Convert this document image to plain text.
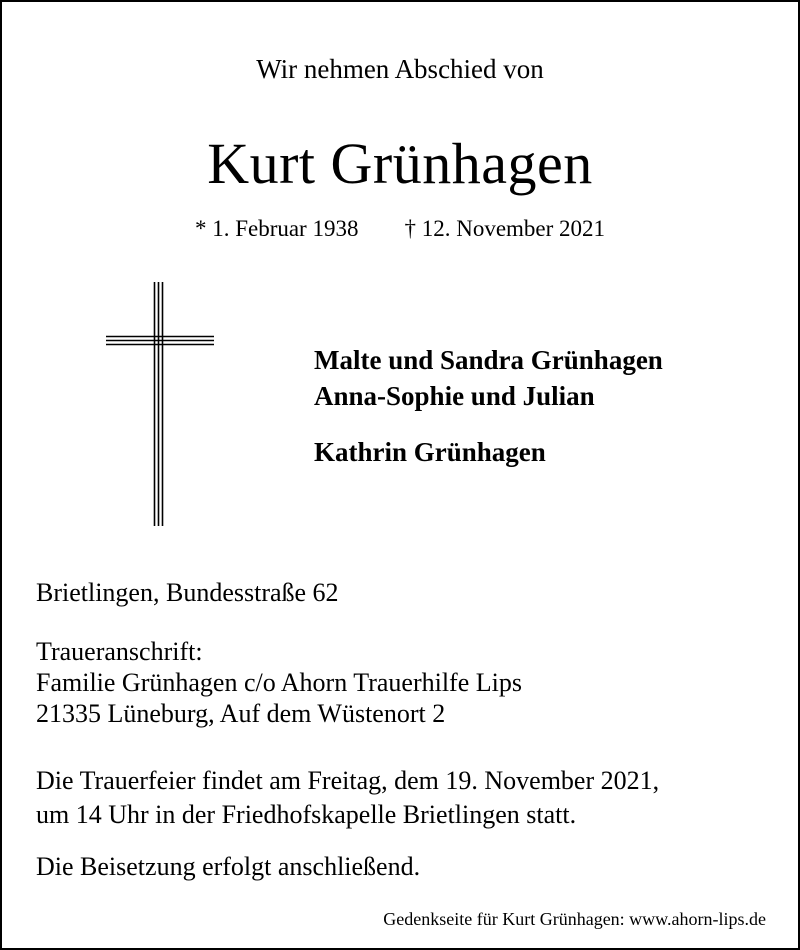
Wir nehmen Abschied von
Kurt Grünhagen
* 1. Februar 1938 † 12. November 2021
Malte und Sandra Grünhagen
Anna-Sophie und Julian
Kathrin Grünhagen
Brietlingen, Bundesstraße 62
Traueranschrift:
Familie Grünhagen c/o Ahorn Trauerhilfe Lips
21335 Lüneburg, Auf dem Wüstenort 2
Die Trauerfeier findet am Freitag, dem 19. November 2021,
um 14 Uhr in der Friedhofskapelle Brietlingen statt.
Die Beisetzung erfolgt anschließend.
Gedenkseite für Kurt Grünhagen: www.ahorn-lips.de
